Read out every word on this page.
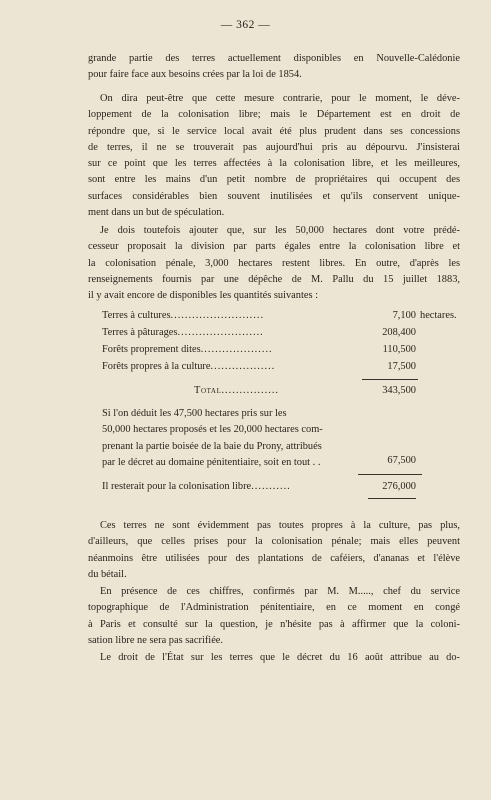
— 362 —
grande partie des terres actuellement disponibles en Nouvelle-Calédonie
pour faire face aux besoins crées par la loi de 1854.
On dira peut-être que cette mesure contrarie, pour le moment, le déve-
loppement de la colonisation libre; mais le Département est en droit de
répondre que, si le service local avait été plus prudent dans ses concessions
de terres, il ne se trouverait pas aujourd'hui pris au dépourvu. J'insisterai
sur ce point que les terres affectées à la colonisation libre, et les meilleures,
sont entre les mains d'un petit nombre de propriétaires qui occupent des
surfaces considérables bien souvent inutilisées et qu'ils conservent unique-
ment dans un but de spéculation.
Je dois toutefois ajouter que, sur les 50,000 hectares dont votre prédé-
cesseur proposait la division par parts égales entre la colonisation libre et
la colonisation pénale, 3,000 hectares restent libres. En outre, d'après les
renseignements fournis par une dépêche de M. Pallu du 15 juillet 1883,
il y avait encore de disponibles les quantités suivantes :
Terres à cultures..........................	7,100 hectares.
Terres à pâturages........................	208,400
Forêts proprement dites....................	110,500
Forêts propres à la culture..................	17,500
Total................	343,500
Si l'on déduit les 47,500 hectares pris sur les
50,000 hectares proposés et les 20,000 hectares com-
prenant la partie boisée de la baie du Prony, attribués
par le décret au domaine pénitentiaire, soit en tout . .	67,500
Il resterait pour la colonisation libre...........	276,000
Ces terres ne sont évidemment pas toutes propres à la culture, pas plus,
d'ailleurs, que celles prises pour la colonisation pénale; mais elles peuvent
néanmoins être utilisées pour des plantations de caféiers, d'ananas et l'élève
du bétail.
En présence de ces chiffres, confirmés par M. M....., chef du service
topographique de l'Administration pénitentiaire, en ce moment en congé
à Paris et consulté sur la question, je n'hésite pas à affirmer que la coloni-
sation libre ne sera pas sacrifiée.
Le droit de l'État sur les terres que le décret du 16 août attribue au do-
